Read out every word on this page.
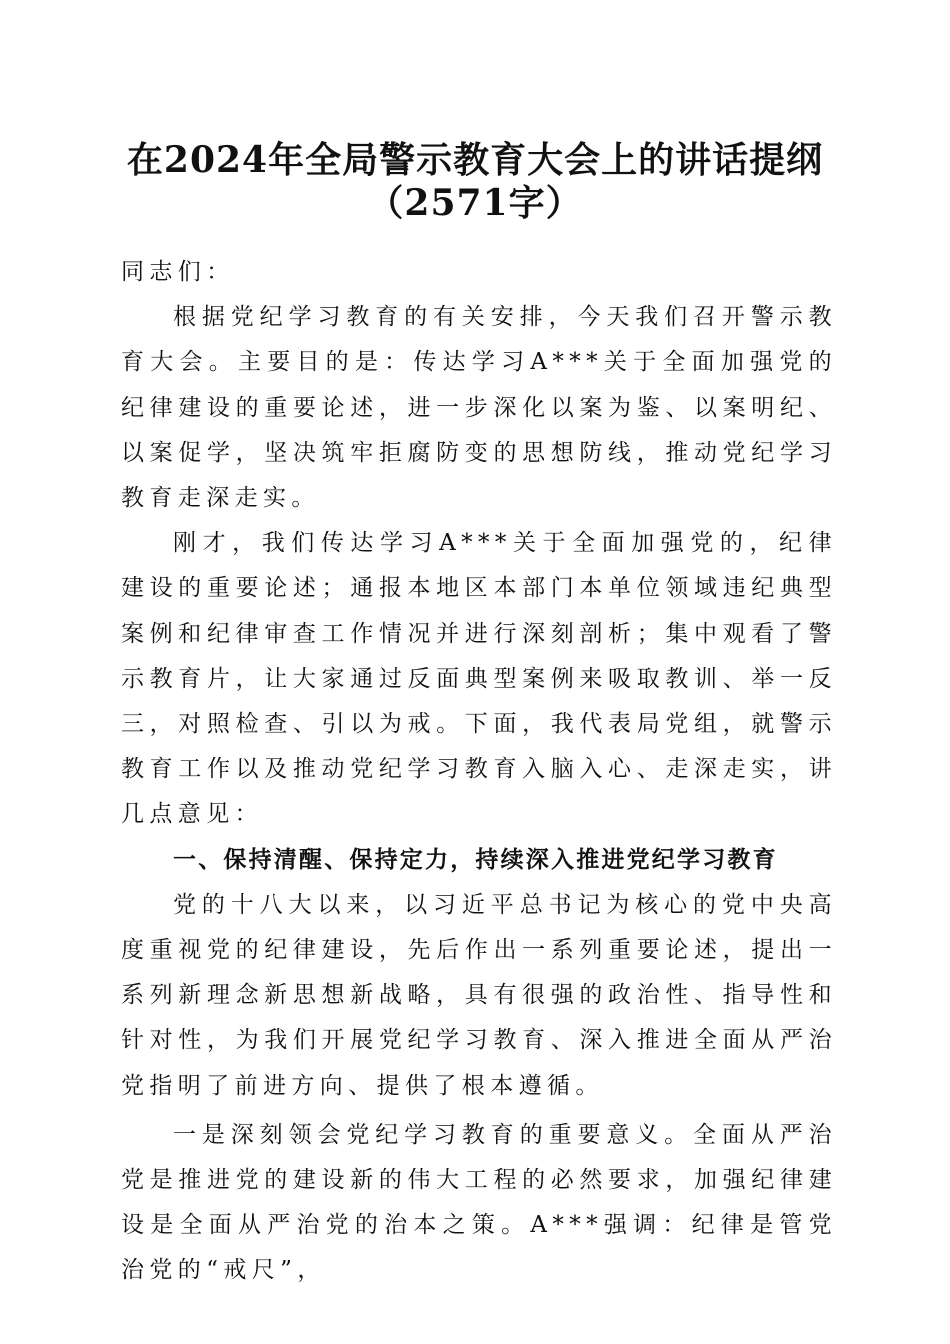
在2024年全局警示教育大会上的讲话提纲
（2571字）

同志们：

根据党纪学习教育的有关安排，今天我们召开警示教育大会。主要目的是：传达学习A***关于全面加强党的纪律建设的重要论述，进一步深化以案为鉴、以案明纪、以案促学，坚决筑牢拒腐防变的思想防线，推动党纪学习教育走深走实。

刚才，我们传达学习A***关于全面加强党的，纪律建设的重要论述；通报本地区本部门本单位领域违纪典型案例和纪律审查工作情况并进行深刻剖析；集中观看了警示教育片，让大家通过反面典型案例来吸取教训、举一反三，对照检查、引以为戒。下面，我代表局党组，就警示教育工作以及推动党纪学习教育入脑入心、走深走实，讲几点意见：

一、保持清醒、保持定力，持续深入推进党纪学习教育

党的十八大以来，以习近平总书记为核心的党中央高度重视党的纪律建设，先后作出一系列重要论述，提出一系列新理念新思想新战略，具有很强的政治性、指导性和针对性，为我们开展党纪学习教育、深入推进全面从严治党指明了前进方向、提供了根本遵循。

一是深刻领会党纪学习教育的重要意义。全面从严治党是推进党的建设新的伟大工程的必然要求，加强纪律建设是全面从严治党的治本之策。A***强调：纪律是管党治党的“戒尺”，
